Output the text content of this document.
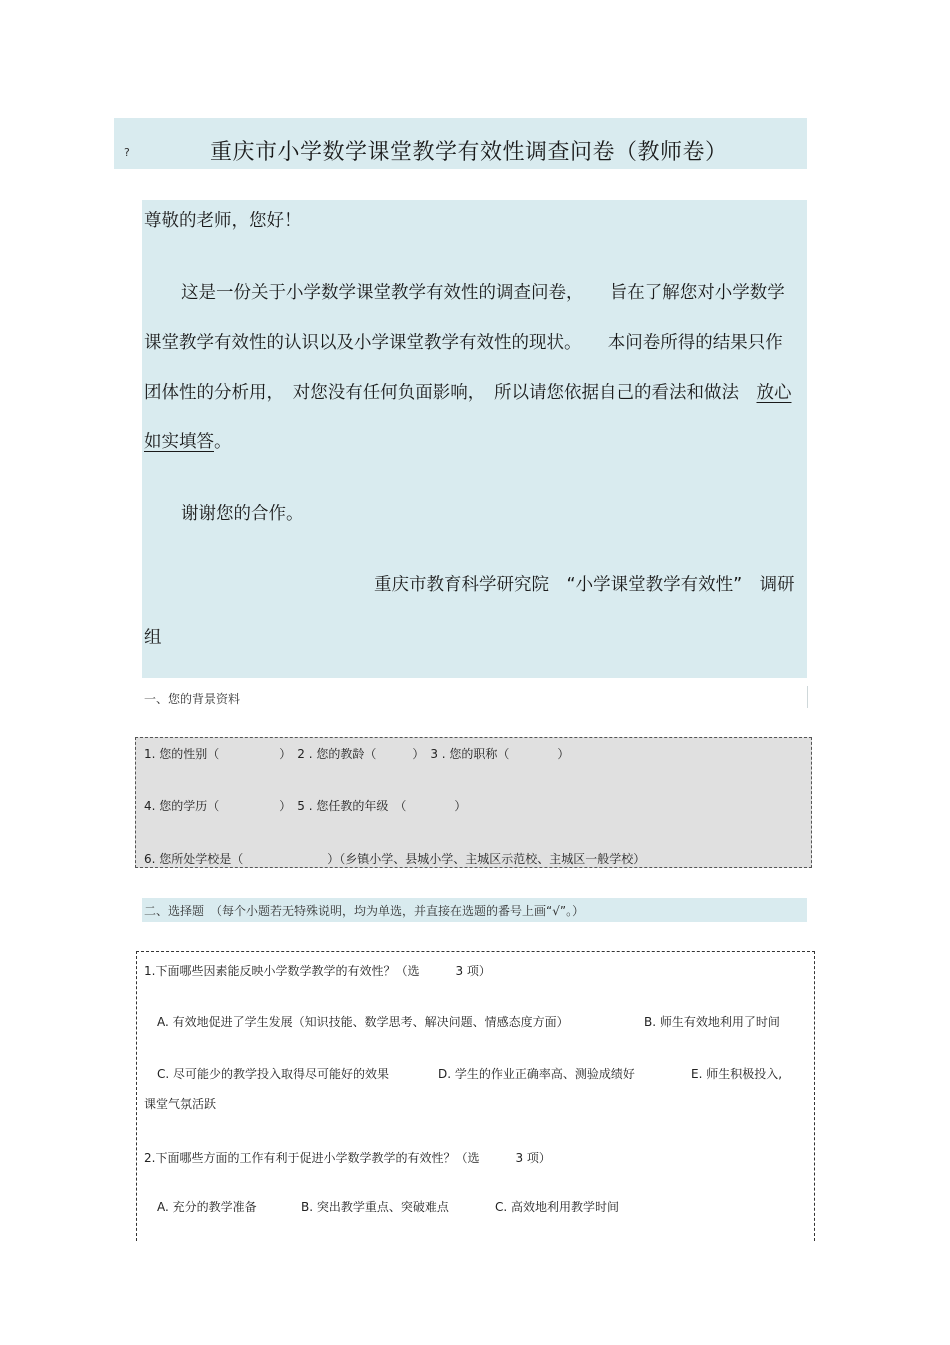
?	重庆市小学数学课堂教学有效性调查问卷（教师卷）
尊敬的老师，您好！
这是一份关于小学数学课堂教学有效性的调查问卷，　　旨在了解您对小学数学
课堂教学有效性的认识以及小学课堂教学有效性的现状。　　本问卷所得的结果只作
团体性的分析用，　对您没有任何负面影响，　所以请您依据自己的看法和做法　 放心
如实填答。
谢谢您的合作。
重庆市教育科学研究院　“小学课堂教学有效性”　调研
组
一、您的背景资料
1. 您的性别（　　　　　）　2 . 您的教龄（　　　）　3 . 您的职称（　　　　）
4. 您的学历（　　　　　）　5 . 您任教的年级　（　　　　）
6. 您所处学校是（　　　　　　　）（乡镇小学、县城小学、主城区示范校、主城区一般学校）
二、选择题　（每个小题若无特殊说明，均为单选，并直接在选题的番号上画“√”。）
1.下面哪些因素能反映小学数学教学的有效性？（选　　　3 项）
A. 有效地促进了学生发展（知识技能、数学思考、解决问题、情感态度方面）	B. 师生有效地利用了时间
C. 尽可能少的教学投入取得尽可能好的效果	D. 学生的作业正确率高、测验成绩好	E. 师生积极投入,
课堂气氛活跃
2.下面哪些方面的工作有利于促进小学数学教学的有效性？（选　　　3 项）
A. 充分的教学准备	B. 突出教学重点、突破难点	C. 高效地利用教学时间
